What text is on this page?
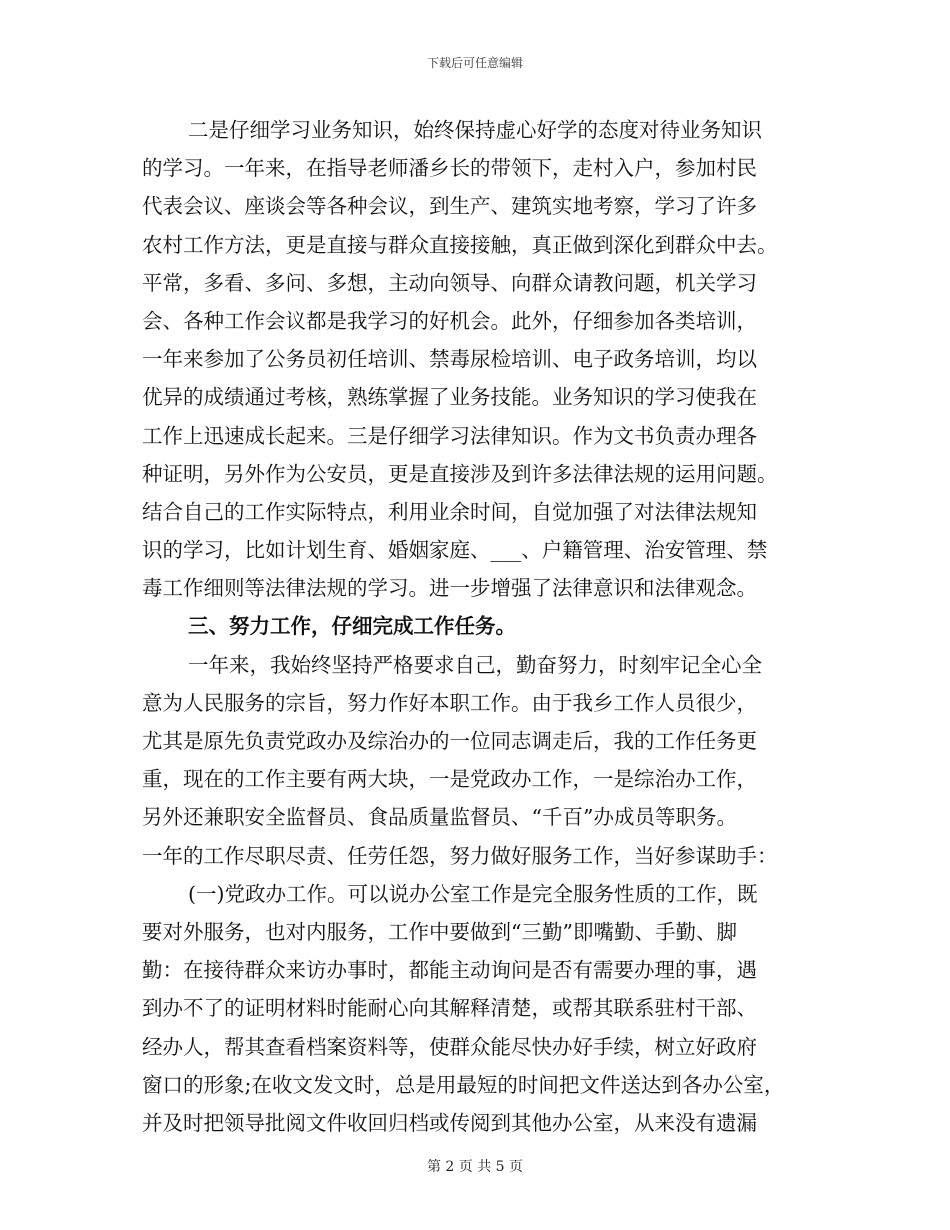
下载后可任意编辑
二是仔细学习业务知识，始终保持虚心好学的态度对待业务知识
的学习。一年来，在指导老师潘乡长的带领下，走村入户，参加村民
代表会议、座谈会等各种会议，到生产、建筑实地考察，学习了许多
农村工作方法，更是直接与群众直接接触，真正做到深化到群众中去。
平常，多看、多问、多想，主动向领导、向群众请教问题，机关学习
会、各种工作会议都是我学习的好机会。此外，仔细参加各类培训，
一年来参加了公务员初任培训、禁毒尿检培训、电子政务培训，均以
优异的成绩通过考核，熟练掌握了业务技能。业务知识的学习使我在
工作上迅速成长起来。三是仔细学习法律知识。作为文书负责办理各
种证明，另外作为公安员，更是直接涉及到许多法律法规的运用问题。
结合自己的工作实际特点，利用业余时间，自觉加强了对法律法规知
识的学习，比如计划生育、婚姻家庭、___、户籍管理、治安管理、禁
毒工作细则等法律法规的学习。进一步增强了法律意识和法律观念。
三、努力工作，仔细完成工作任务。
一年来，我始终坚持严格要求自己，勤奋努力，时刻牢记全心全
意为人民服务的宗旨，努力作好本职工作。由于我乡工作人员很少，
尤其是原先负责党政办及综治办的一位同志调走后，我的工作任务更
重，现在的工作主要有两大块，一是党政办工作，一是综治办工作，
另外还兼职安全监督员、食品质量监督员、“千百”办成员等职务。
一年的工作尽职尽责、任劳任怨，努力做好服务工作，当好参谋助手：
(一)党政办工作。可以说办公室工作是完全服务性质的工作，既
要对外服务，也对内服务，工作中要做到“三勤”即嘴勤、手勤、脚
勤：在接待群众来访办事时，都能主动询问是否有需要办理的事，遇
到办不了的证明材料时能耐心向其解释清楚，或帮其联系驻村干部、
经办人，帮其查看档案资料等，使群众能尽快办好手续，树立好政府
窗口的形象;在收文发文时，总是用最短的时间把文件送达到各办公室，
并及时把领导批阅文件收回归档或传阅到其他办公室，从来没有遗漏
第 2 页 共 5 页
